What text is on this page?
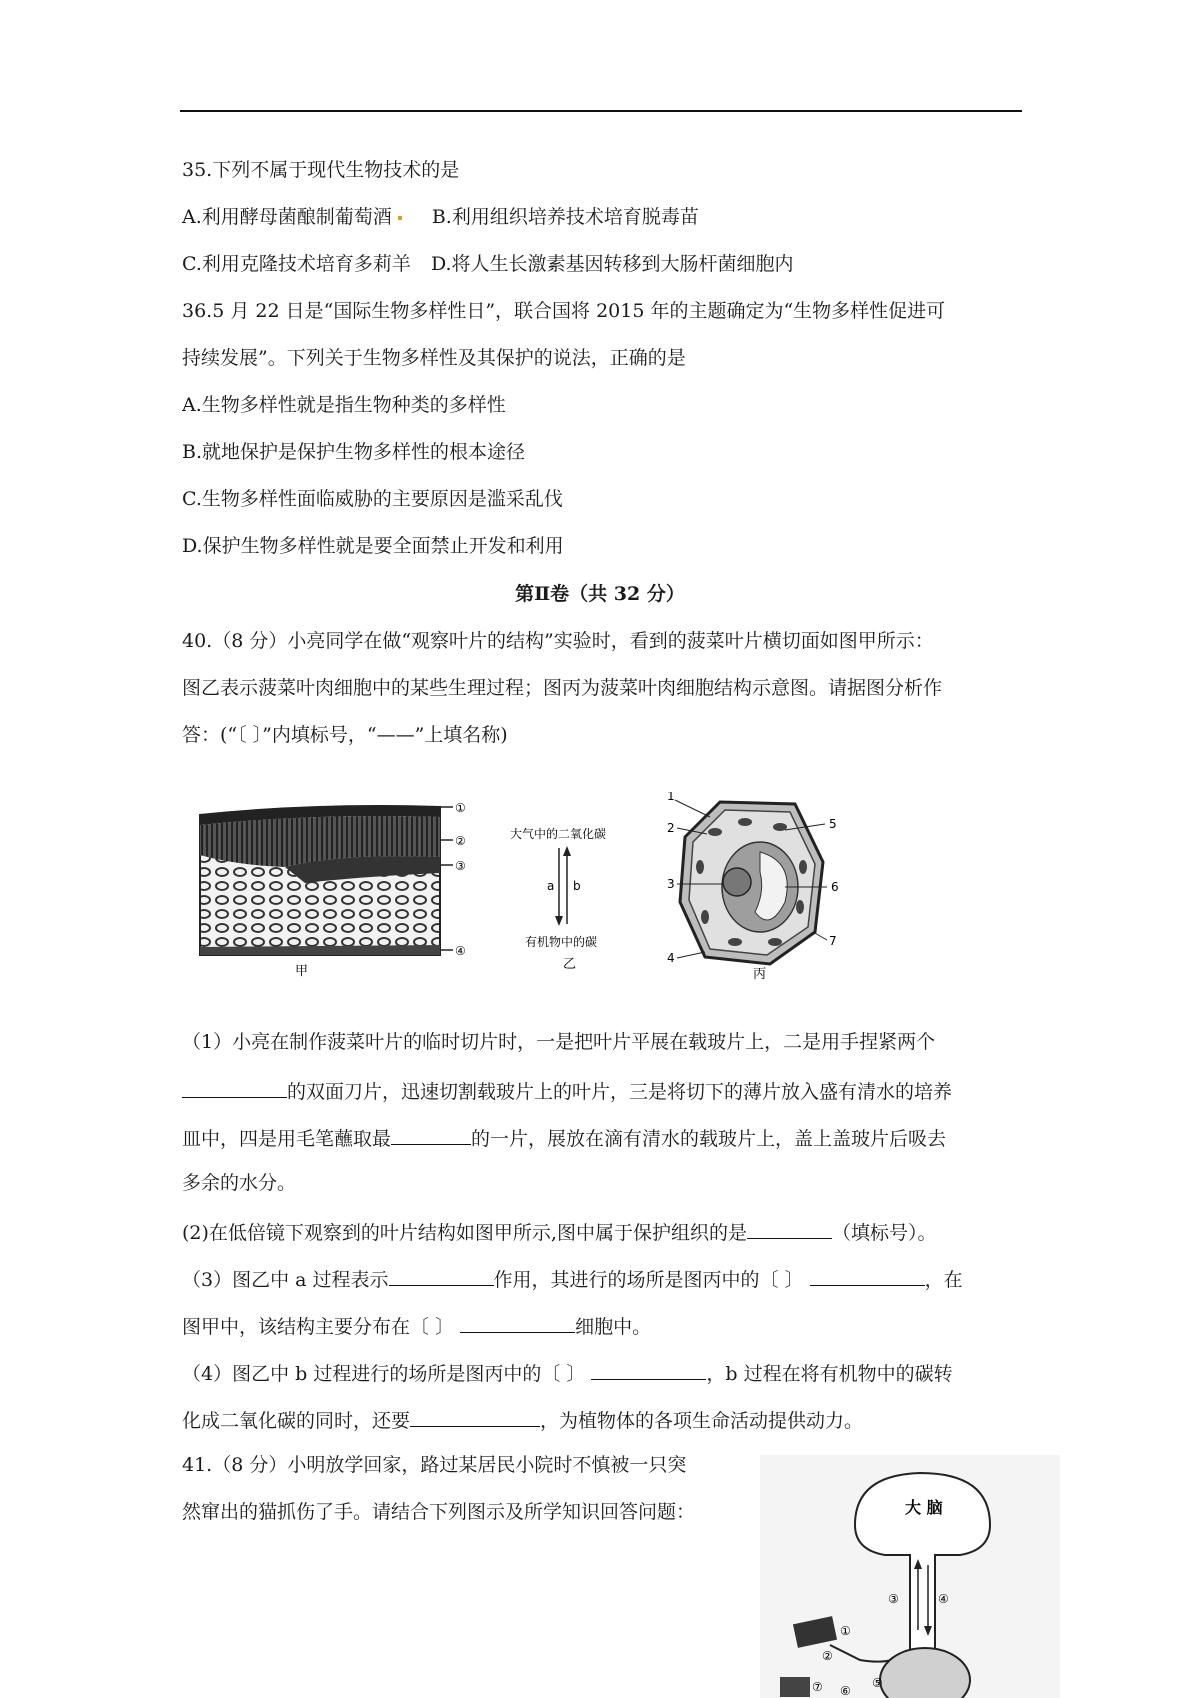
35.下列不属于现代生物技术的是
A.利用酵母菌酿制葡萄酒 B.利用组织培养技术培育脱毒苗
C.利用克隆技术培育多莉羊 D.将人生长激素基因转移到大肠杆菌细胞内
36.5 月 22 日是“国际生物多样性日”，联合国将 2015 年的主题确定为“生物多样性促进可
持续发展”。下列关于生物多样性及其保护的说法，正确的是
A.生物多样性就是指生物种类的多样性
B.就地保护是保护生物多样性的根本途径
C.生物多样性面临威胁的主要原因是滥采乱伐
D.保护生物多样性就是要全面禁止开发和利用
第Ⅱ卷（共 32 分）
40.（8 分）小亮同学在做“观察叶片的结构”实验时，看到的菠菜叶片横切面如图甲所示：
图乙表示菠菜叶肉细胞中的某些生理过程；图丙为菠菜叶肉细胞结构示意图。请据图分析作
答：(“〔 〕”内填标号，“——”上填名称)
①
②
③
④
甲
大气中的二氧化碳
a b
有机物中的碳
乙
1
2
3
4
5
6
7
丙
（1）小亮在制作菠菜叶片的临时切片时，一是把叶片平展在载玻片上，二是用手捏紧两个
的双面刀片，迅速切割载玻片上的叶片，三是将切下的薄片放入盛有清水的培养
皿中，四是用毛笔蘸取最	的一片，展放在滴有清水的载玻片上，盖上盖玻片后吸去
多余的水分。
(2)在低倍镜下观察到的叶片结构如图甲所示,图中属于保护组织的是	（填标号）。
（3）图乙中 a 过程表示	作用，其进行的场所是图丙中的〔 〕	，在
图甲中，该结构主要分布在〔 〕	细胞中。
（4）图乙中 b 过程进行的场所是图丙中的〔 〕	，b 过程在将有机物中的碳转
化成二氧化碳的同时，还要	，为植物体的各项生命活动提供动力。
41.（8 分）小明放学回家，路过某居民小院时不慎被一只突
然窜出的猫抓伤了手。请结合下列图示及所学知识回答问题：	大 脑
③	④
①
②
⑤
⑦ ⑥
